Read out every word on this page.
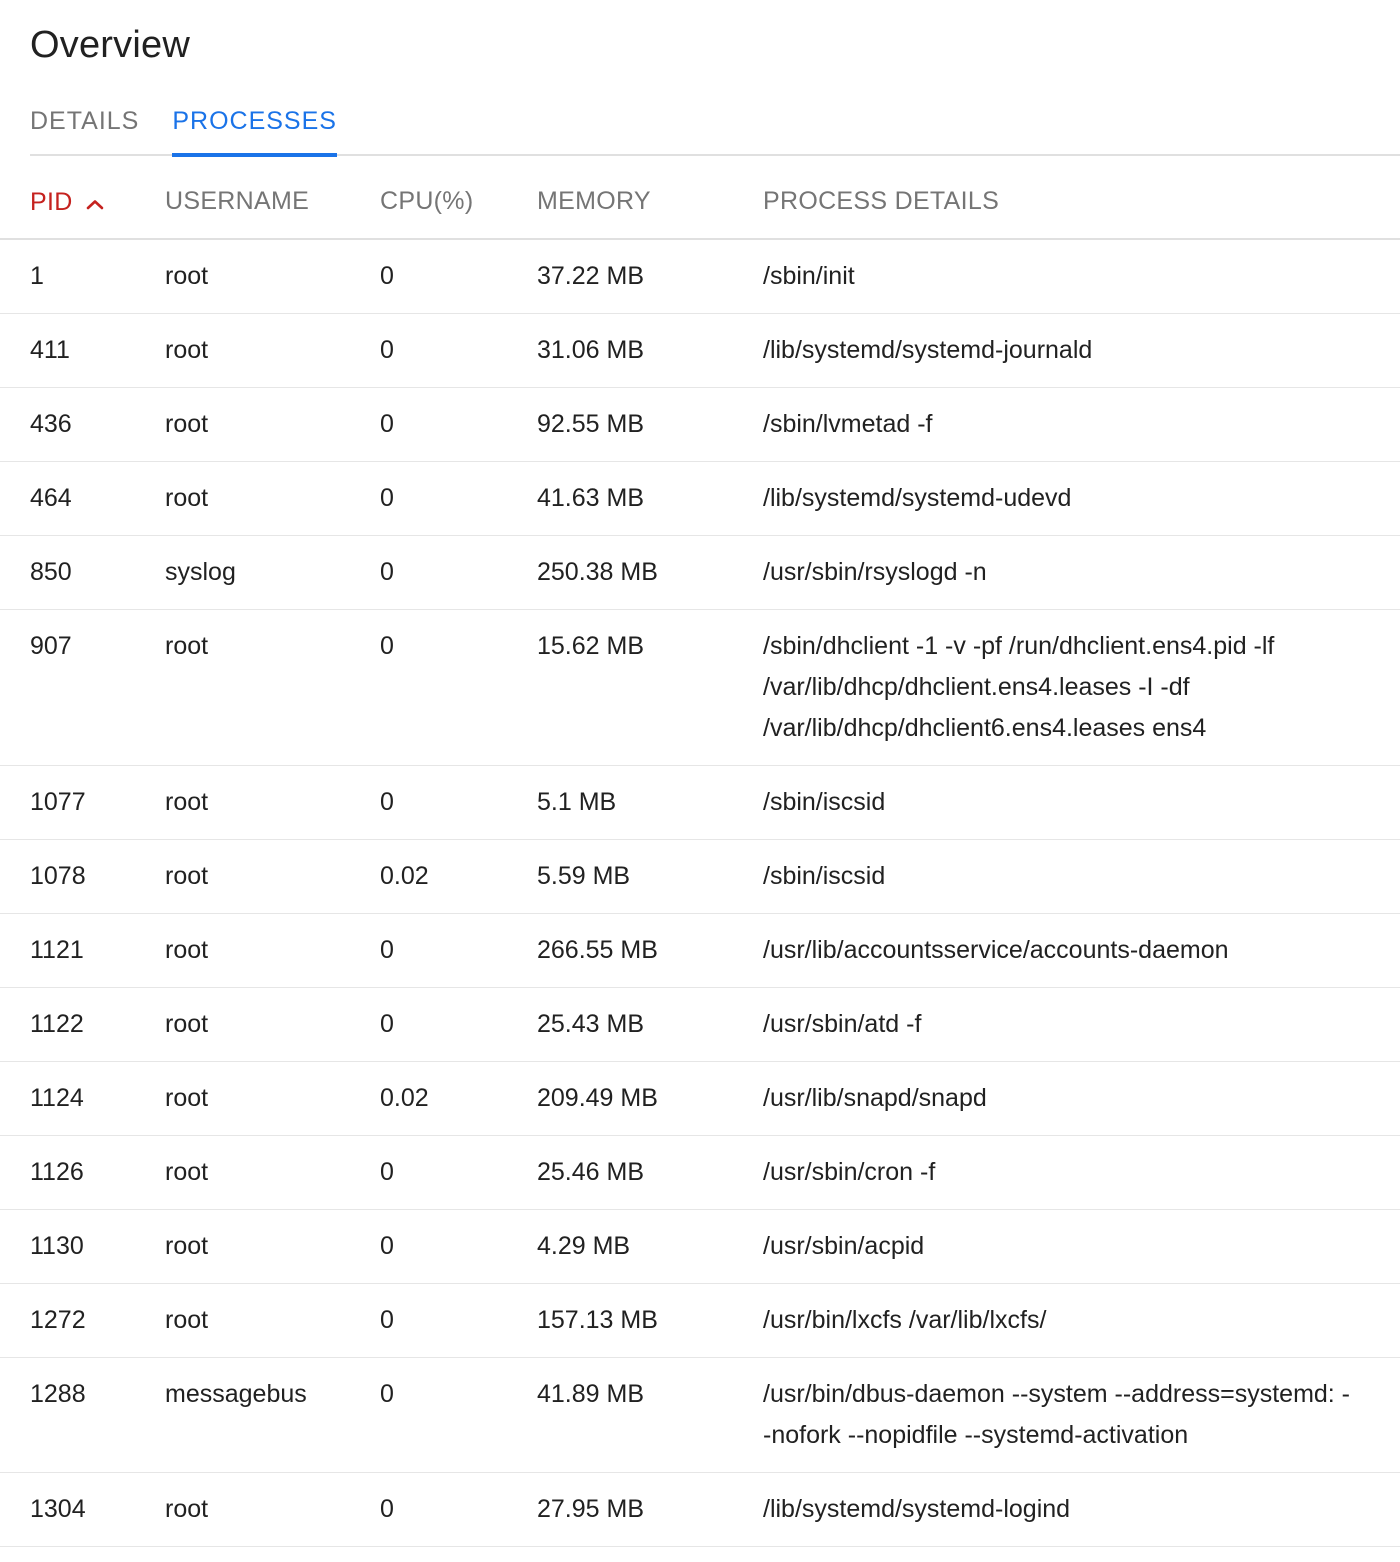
Overview
DETAILS PROCESSES
PID	USERNAME	CPU(%)	MEMORY	PROCESS DETAILS
1	root	0	37.22 MB	/sbin/init
411	root	0	31.06 MB	/lib/systemd/systemd-journald
436	root	0	92.55 MB	/sbin/lvmetad -f
464	root	0	41.63 MB	/lib/systemd/systemd-udevd
850	syslog	0	250.38 MB	/usr/sbin/rsyslogd -n
907	root	0	15.62 MB	/sbin/dhclient -1 -v -pf /run/dhclient.ens4.pid -lf /var/lib/dhcp/dhclient.ens4.leases -I -df /var/lib/dhcp/dhclient6.ens4.leases ens4
1077	root	0	5.1 MB	/sbin/iscsid
1078	root	0.02	5.59 MB	/sbin/iscsid
1121	root	0	266.55 MB	/usr/lib/accountsservice/accounts-daemon
1122	root	0	25.43 MB	/usr/sbin/atd -f
1124	root	0.02	209.49 MB	/usr/lib/snapd/snapd
1126	root	0	25.46 MB	/usr/sbin/cron -f
1130	root	0	4.29 MB	/usr/sbin/acpid
1272	root	0	157.13 MB	/usr/bin/lxcfs /var/lib/lxcfs/
1288	messagebus	0	41.89 MB	/usr/bin/dbus-daemon --system --address=systemd: --nofork --nopidfile --systemd-activation
1304	root	0	27.95 MB	/lib/systemd/systemd-logind
